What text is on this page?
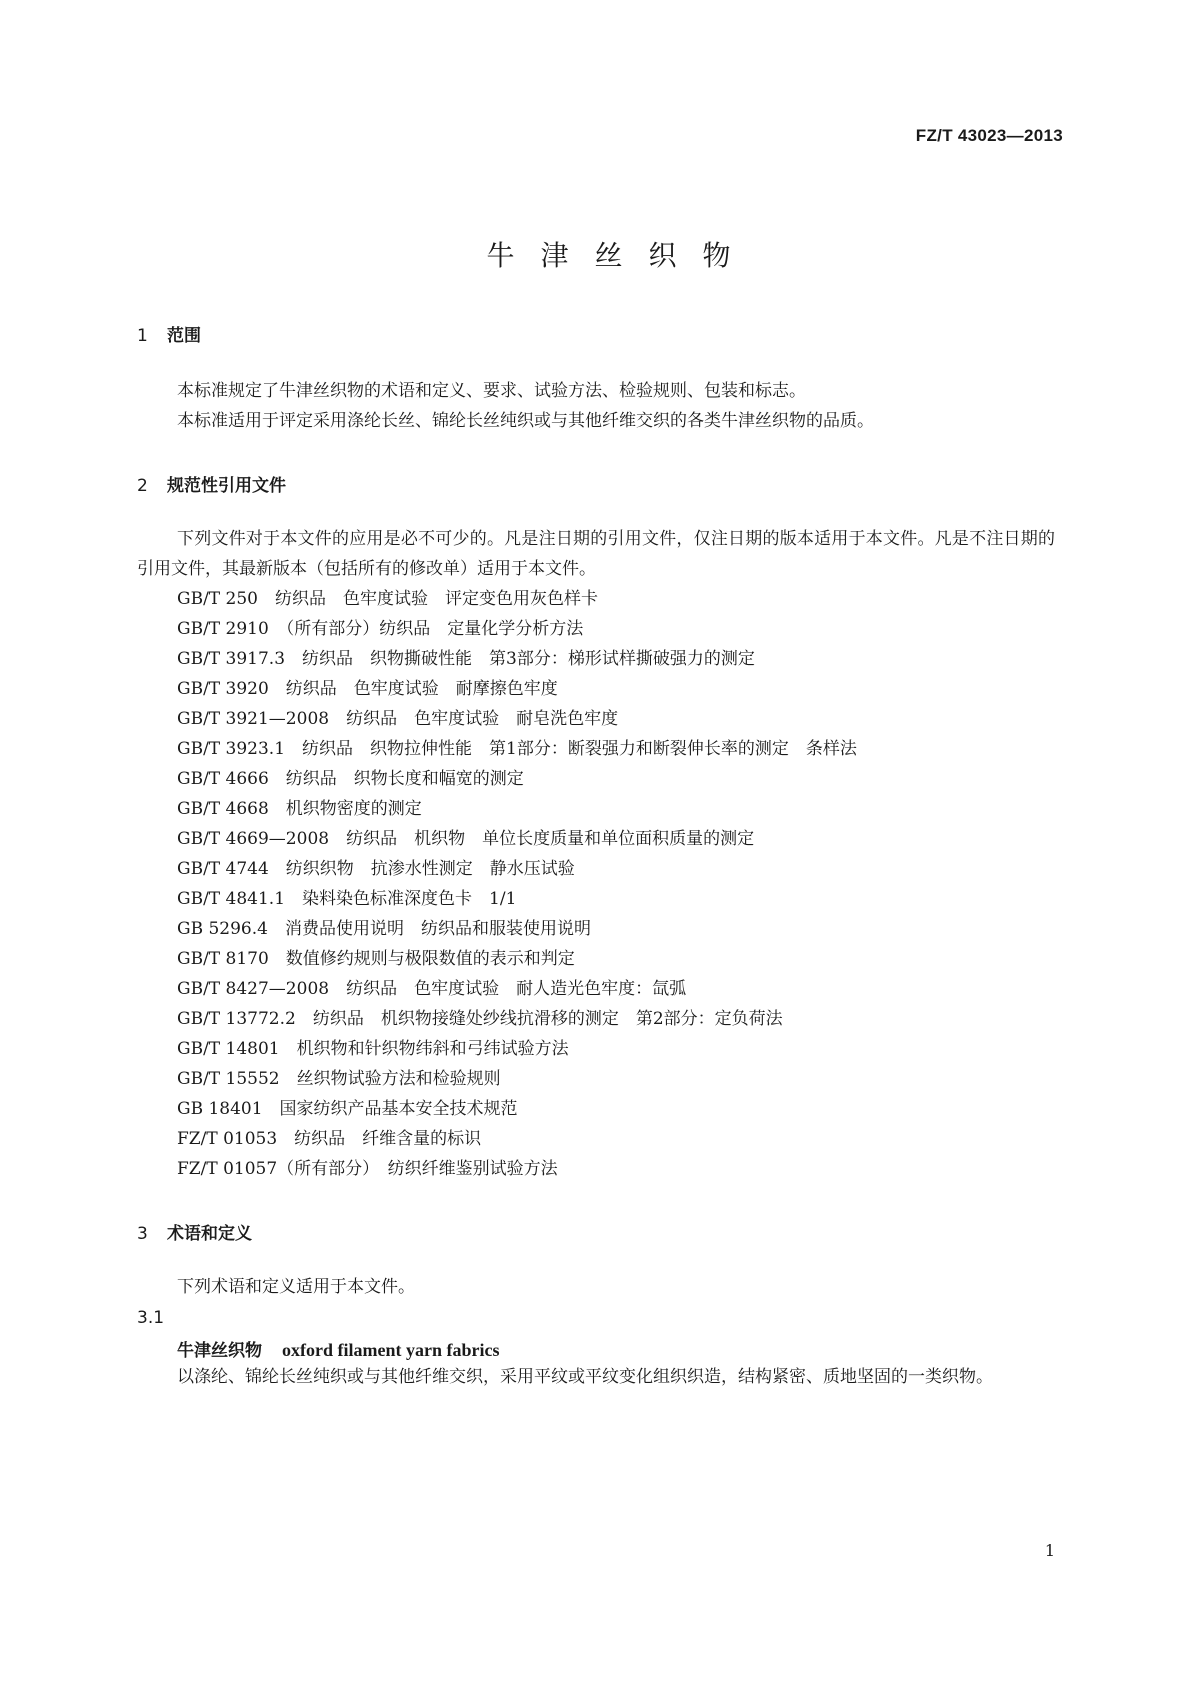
FZ/T 43023—2013
牛津丝织物
1 范围
本标准规定了牛津丝织物的术语和定义、要求、试验方法、检验规则、包装和标志。
本标准适用于评定采用涤纶长丝、锦纶长丝纯织或与其他纤维交织的各类牛津丝织物的品质。
2 规范性引用文件
下列文件对于本文件的应用是必不可少的。凡是注日期的引用文件，仅注日期的版本适用于本文件。凡是不注日期的引用文件，其最新版本（包括所有的修改单）适用于本文件。
GB/T 250　纺织品　色牢度试验　评定变色用灰色样卡
GB/T 2910　（所有部分）纺织品　定量化学分析方法
GB/T 3917.3　纺织品　织物撕破性能　第3部分：梯形试样撕破强力的测定
GB/T 3920　纺织品　色牢度试验　耐摩擦色牢度
GB/T 3921—2008　纺织品　色牢度试验　耐皂洗色牢度
GB/T 3923.1　纺织品　织物拉伸性能　第1部分：断裂强力和断裂伸长率的测定　条样法
GB/T 4666　纺织品　织物长度和幅宽的测定
GB/T 4668　机织物密度的测定
GB/T 4669—2008　纺织品　机织物　单位长度质量和单位面积质量的测定
GB/T 4744　纺织织物　抗渗水性测定　静水压试验
GB/T 4841.1　染料染色标准深度色卡　1/1
GB 5296.4　消费品使用说明　纺织品和服装使用说明
GB/T 8170　数值修约规则与极限数值的表示和判定
GB/T 8427—2008　纺织品　色牢度试验　耐人造光色牢度：氙弧
GB/T 13772.2　纺织品　机织物接缝处纱线抗滑移的测定　第2部分：定负荷法
GB/T 14801　机织物和针织物纬斜和弓纬试验方法
GB/T 15552　丝织物试验方法和检验规则
GB 18401　国家纺织产品基本安全技术规范
FZ/T 01053　纺织品　纤维含量的标识
FZ/T 01057（所有部分）　纺织纤维鉴别试验方法
3 术语和定义
下列术语和定义适用于本文件。
3.1
牛津丝织物 oxford filament yarn fabrics
以涤纶、锦纶长丝纯织或与其他纤维交织，采用平纹或平纹变化组织织造，结构紧密、质地坚固的一类织物。
1
